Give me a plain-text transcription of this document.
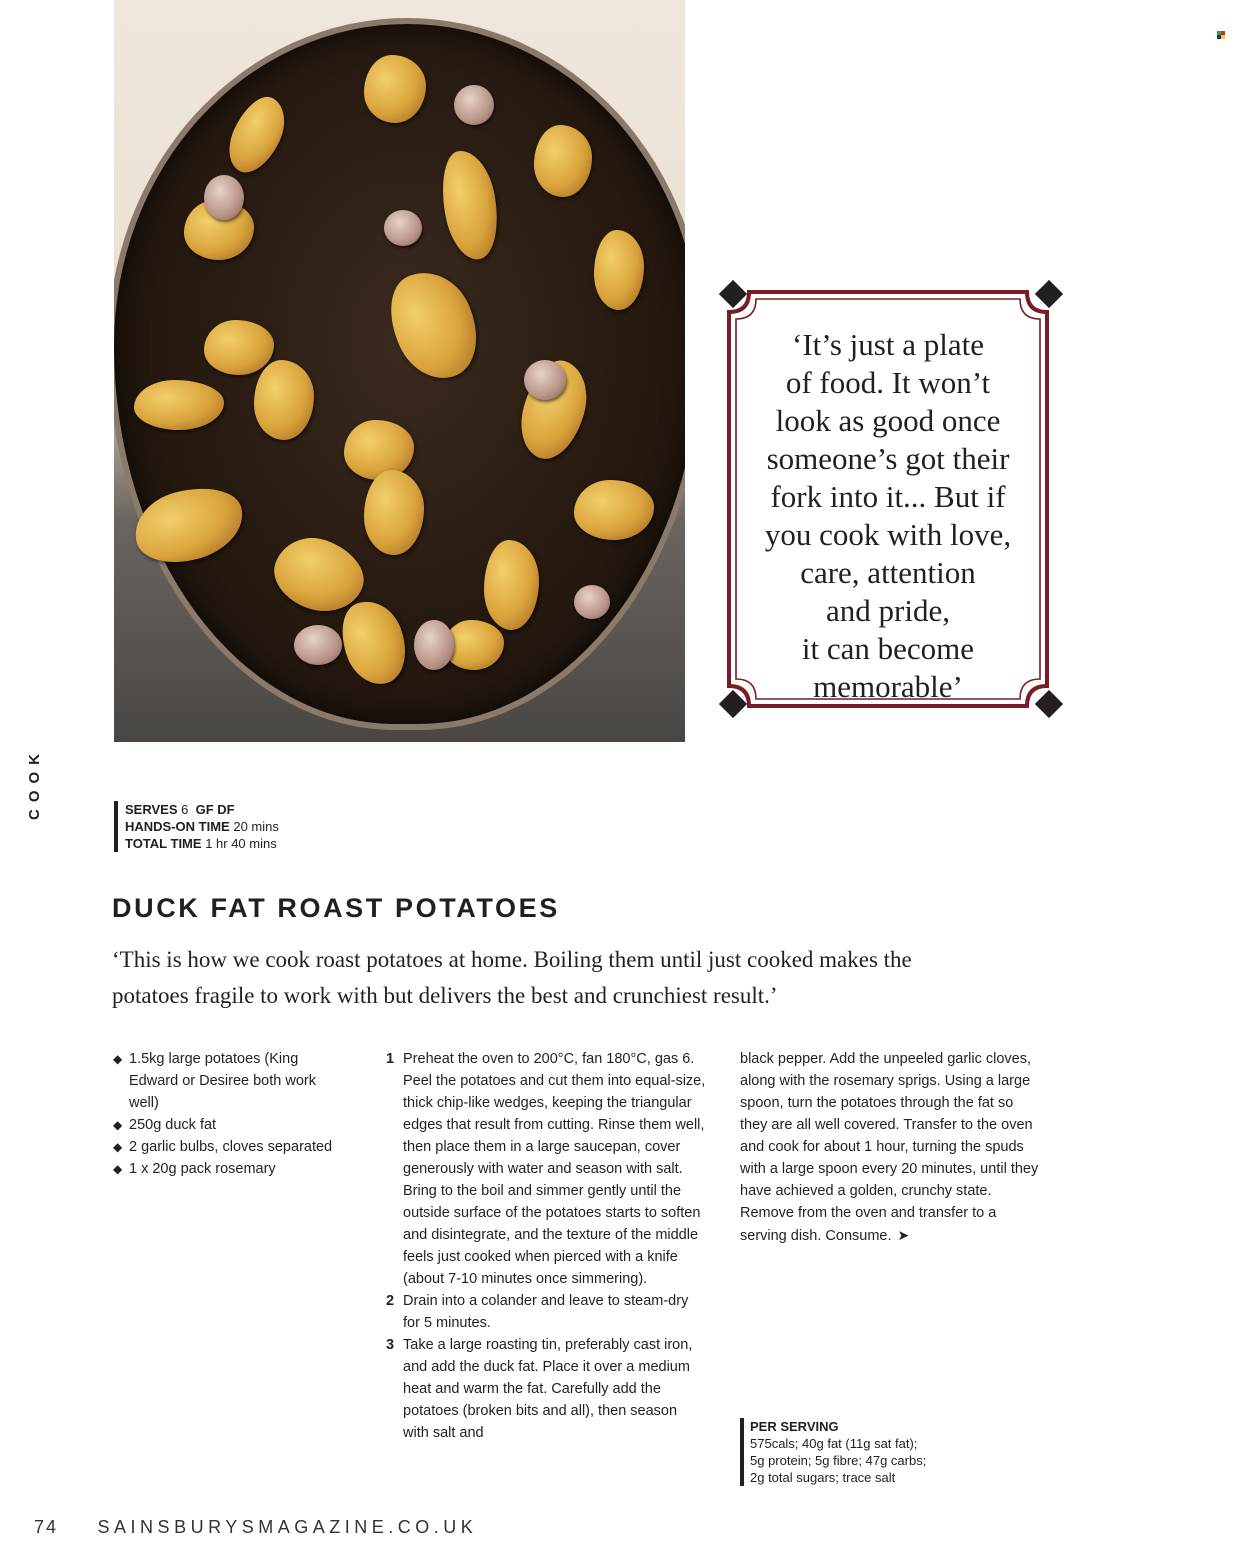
‘It’s just a plate
of food. It won’t
look as good once
someone’s got their
fork into it... But if
you cook with love,
care, attention
and pride,
it can become
memorable’
COOK	SERVES 6 GF DF
HANDS-ON TIME 20 mins
TOTAL TIME 1 hr 40 mins
DUCK FAT ROAST POTATOES
‘This is how we cook roast potatoes at home. Boiling them until just cooked makes the potatoes fragile to work with but delivers the best and crunchiest result.’
◆ 1.5kg large potatoes (King Edward or Desiree both work well)
◆ 250g duck fat
◆ 2 garlic bulbs, cloves separated
◆ 1 x 20g pack rosemary
1 Preheat the oven to 200°C, fan 180°C, gas 6. Peel the potatoes and cut them into equal-size, thick chip-like wedges, keeping the triangular edges that result from cutting. Rinse them well, then place them in a large saucepan, cover generously with water and season with salt. Bring to the boil and simmer gently until the outside surface of the potatoes starts to soften and disintegrate, and the texture of the middle feels just cooked when pierced with a knife (about 7-10 minutes once simmering).
2 Drain into a colander and leave to steam-dry for 5 minutes.
3 Take a large roasting tin, preferably cast iron, and add the duck fat. Place it over a medium heat and warm the fat. Carefully add the potatoes (broken bits and all), then season with salt and
black pepper. Add the unpeeled garlic cloves, along with the rosemary sprigs. Using a large spoon, turn the potatoes through the fat so they are all well covered. Transfer to the oven and cook for about 1 hour, turning the spuds with a large spoon every 20 minutes, until they have achieved a golden, crunchy state. Remove from the oven and transfer to a serving dish. Consume. ➤
PER SERVING
575cals; 40g fat (11g sat fat);
5g protein; 5g fibre; 47g carbs;
2g total sugars; trace salt
74 SAINSBURYSMAGAZINE.CO.UK
